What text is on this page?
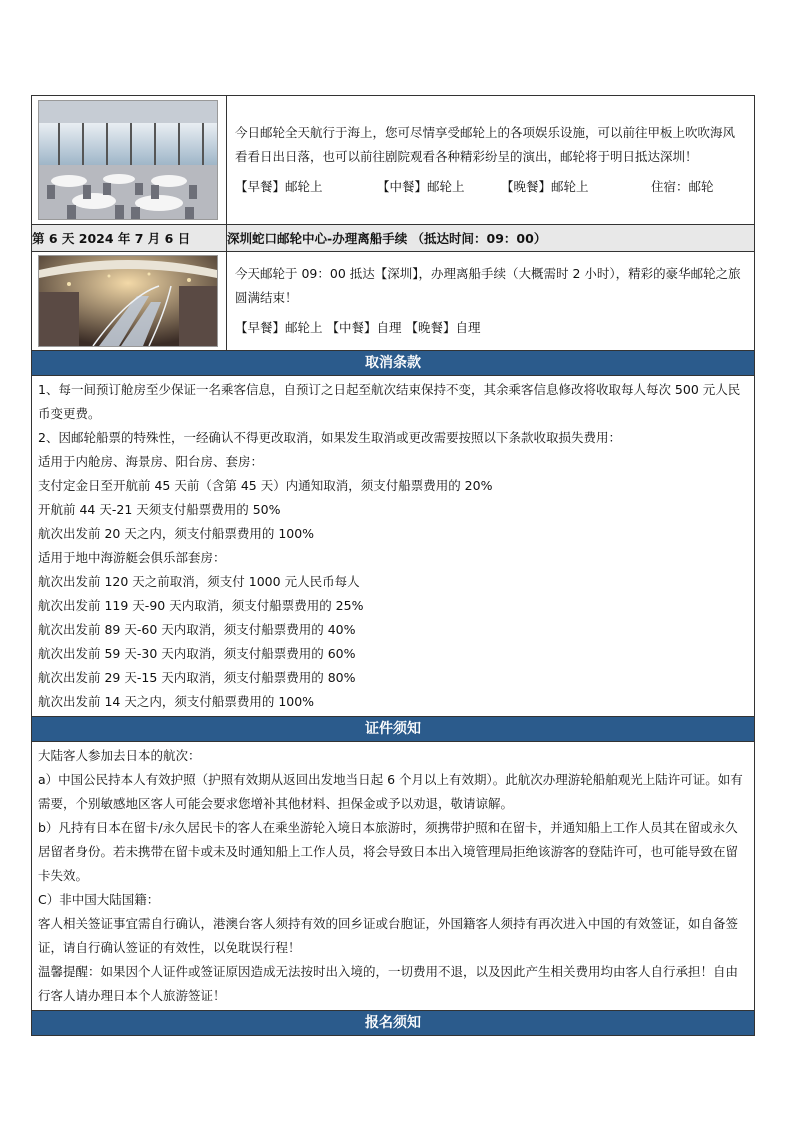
今日邮轮全天航行于海上，您可尽情享受邮轮上的各项娱乐设施，可以前往甲板上吹吹海风看看日出日落，也可以前往剧院观看各种精彩纷呈的演出，邮轮将于明日抵达深圳！

【早餐】邮轮上 【中餐】邮轮上 【晚餐】邮轮上 住宿：邮轮

第 6 天 2024 年 7 月 6 日	深圳蛇口邮轮中心-办理离船手续 （抵达时间：09：00）

今天邮轮于 09：00 抵达【深圳】，办理离船手续（大概需时 2 小时），精彩的豪华邮轮之旅圆满结束！

【早餐】邮轮上 【中餐】自理 【晚餐】自理

取消条款

1、每一间预订舱房至少保证一名乘客信息，自预订之日起至航次结束保持不变，其余乘客信息修改将收取每人每次 500 元人民币变更费。

2、因邮轮船票的特殊性，一经确认不得更改取消，如果发生取消或更改需要按照以下条款收取损失费用：

适用于内舱房、海景房、阳台房、套房：

支付定金日至开航前 45 天前（含第 45 天）内通知取消，须支付船票费用的 20%

开航前 44 天-21 天须支付船票费用的 50%

航次出发前 20 天之内，须支付船票费用的 100%

适用于地中海游艇会俱乐部套房：

航次出发前 120 天之前取消，须支付 1000 元人民币每人

航次出发前 119 天-90 天内取消，须支付船票费用的 25%

航次出发前 89 天-60 天内取消，须支付船票费用的 40%

航次出发前 59 天-30 天内取消，须支付船票费用的 60%

航次出发前 29 天-15 天内取消，须支付船票费用的 80%

航次出发前 14 天之内，须支付船票费用的 100%

证件须知

大陆客人参加去日本的航次：

a）中国公民持本人有效护照（护照有效期从返回出发地当日起 6 个月以上有效期）。此航次办理游轮船舶观光上陆许可证。如有需要，个别敏感地区客人可能会要求您增补其他材料、担保金或予以劝退，敬请谅解。

b）凡持有日本在留卡/永久居民卡的客人在乘坐游轮入境日本旅游时，须携带护照和在留卡，并通知船上工作人员其在留或永久居留者身份。若未携带在留卡或未及时通知船上工作人员，将会导致日本出入境管理局拒绝该游客的登陆许可，也可能导致在留卡失效。

C）非中国大陆国籍：

客人相关签证事宜需自行确认，港澳台客人须持有效的回乡证或台胞证，外国籍客人须持有再次进入中国的有效签证，如自备签证，请自行确认签证的有效性，以免耽误行程！

温馨提醒：如果因个人证件或签证原因造成无法按时出入境的，一切费用不退，以及因此产生相关费用均由客人自行承担！自由行客人请办理日本个人旅游签证！

报名须知
